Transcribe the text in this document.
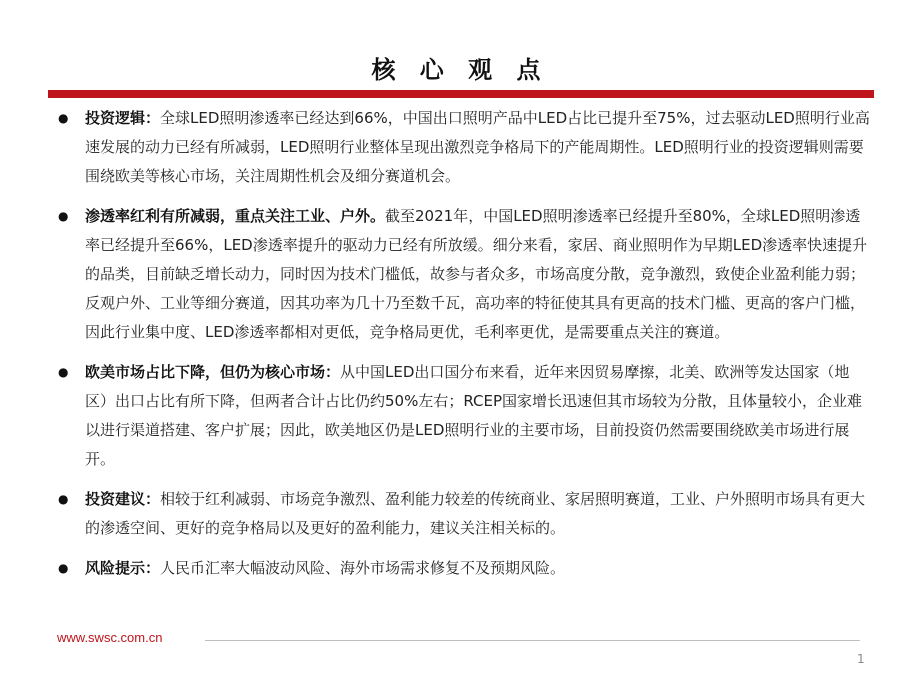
核 心 观 点
●	投资逻辑：全球LED照明渗透率已经达到66%，中国出口照明产品中LED占比已提升至75%，过去驱动LED照明行业高速发展的动力已经有所减弱，LED照明行业整体呈现出激烈竞争格局下的产能周期性。LED照明行业的投资逻辑则需要围绕欧美等核心市场，关注周期性机会及细分赛道机会。
●	渗透率红利有所减弱，重点关注工业、户外。截至2021年，中国LED照明渗透率已经提升至80%，全球LED照明渗透率已经提升至66%，LED渗透率提升的驱动力已经有所放缓。细分来看，家居、商业照明作为早期LED渗透率快速提升的品类，目前缺乏增长动力，同时因为技术门槛低，故参与者众多，市场高度分散，竞争激烈，致使企业盈利能力弱；反观户外、工业等细分赛道，因其功率为几十乃至数千瓦，高功率的特征使其具有更高的技术门槛、更高的客户门槛，因此行业集中度、LED渗透率都相对更低，竞争格局更优，毛利率更优，是需要重点关注的赛道。
●	欧美市场占比下降，但仍为核心市场：从中国LED出口国分布来看，近年来因贸易摩擦，北美、欧洲等发达国家（地区）出口占比有所下降，但两者合计占比仍约50%左右；RCEP国家增长迅速但其市场较为分散，且体量较小，企业难以进行渠道搭建、客户扩展；因此，欧美地区仍是LED照明行业的主要市场，目前投资仍然需要围绕欧美市场进行展开。
●	投资建议：相较于红利减弱、市场竞争激烈、盈利能力较差的传统商业、家居照明赛道，工业、户外照明市场具有更大的渗透空间、更好的竞争格局以及更好的盈利能力，建议关注相关标的。
●	风险提示：人民币汇率大幅波动风险、海外市场需求修复不及预期风险。
www.swsc.com.cn
1
